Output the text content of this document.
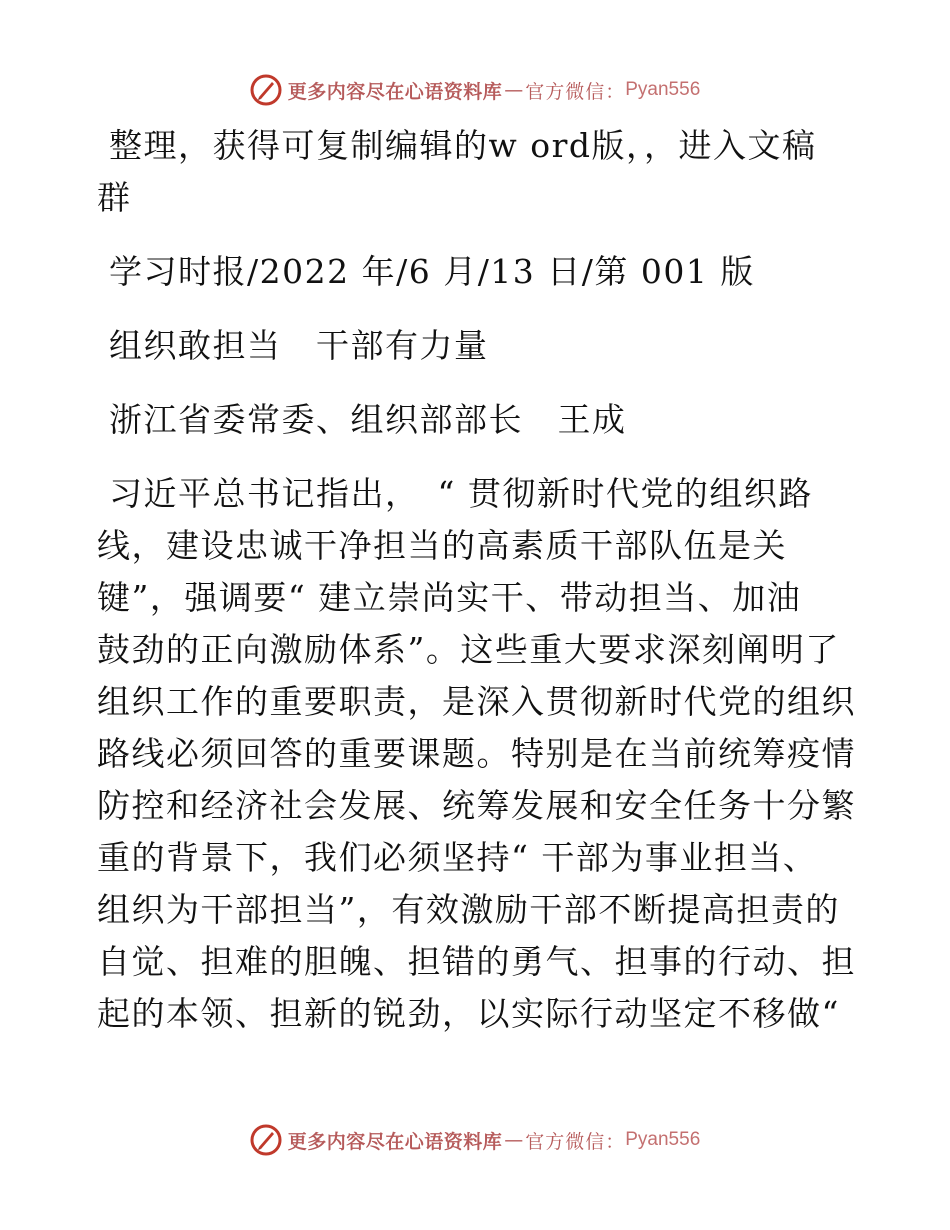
更多内容尽在心语资料库 — 官方微信： Pyan556

整理，获得可复制编辑的w ord版，，进入文稿

群

学习时报/2022 年/6 月/13 日/第 001 版

组织敢担当　干部有力量

浙江省委常委、组织部部长　王成

习近平总书记指出，　“ 贯彻新时代党的组织路

线，建设忠诚干净担当的高素质干部队伍是关

键”，强调要“ 建立崇尚实干、带动担当、加油

鼓劲的正向激励体系”。这些重大要求深刻阐明了

组织工作的重要职责，是深入贯彻新时代党的组织

路线必须回答的重要课题。特别是在当前统筹疫情

防控和经济社会发展、统筹发展和安全任务十分繁

重的背景下，我们必须坚持“ 干部为事业担当、

组织为干部担当”，有效激励干部不断提高担责的

自觉、担难的胆魄、担错的勇气、担事的行动、担

起的本领、担新的锐劲，以实际行动坚定不移做“

更多内容尽在心语资料库 — 官方微信： Pyan556
